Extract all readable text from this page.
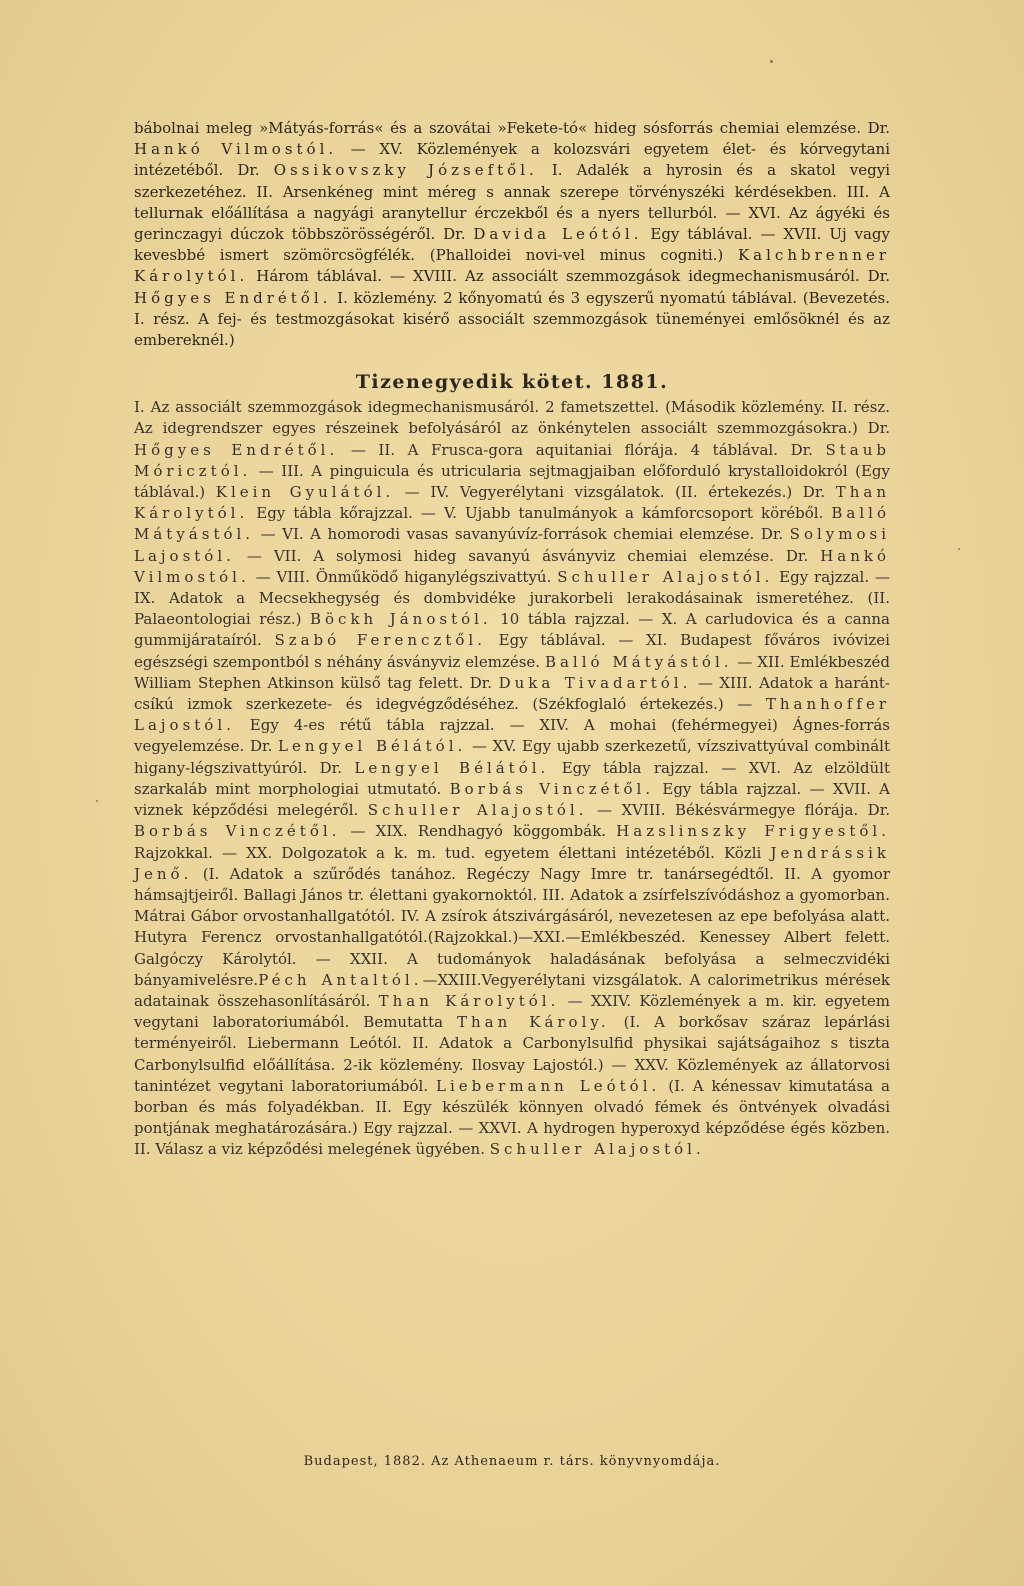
bábolnai meleg »Mátyás-forrás« és a szovátai »Fekete-tó« hideg sósforrás chemiai elemzése. Dr. Hankó Vilmostól. — XV. Közlemények a kolozsvári egyetem élet- és kórvegytani intézetéből. Dr. Ossikovszky Józseftől. I. Adalék a hyrosin és a skatol vegyi szerkezetéhez. II. Arsenkéneg mint méreg s annak szerepe törvényszéki kérdésekben. III. A tellurnak előállítása a nagyági aranytellur érczekből és a nyers tellurból. — XVI. Az ágyéki és gerinczagyi dúczok többszörösségéről. Dr. Davida Leótól. Egy táblával. — XVII. Uj vagy kevesbbé ismert szömörcsögfélék. (Phalloidei novi-vel minus cogniti.) Kalchbrenner Károlytól. Három táblával. — XVIII. Az associált szemmozgások idegmechanismusáról. Dr. Hőgyes Endrétől. I. közlemény. 2 kőnyomatú és 3 egyszerű nyomatú táblával. (Bevezetés. I. rész. A fej- és testmozgásokat kisérő associált szemmozgások tüneményei emlősöknél és az embereknél.)

Tizenegyedik kötet. 1881.

I. Az associált szemmozgások idegmechanismusáról. 2 fametszettel. (Második közlemény. II. rész. Az idegrendszer egyes részeinek befolyásáról az önkénytelen associált szemmozgásokra.) Dr. Hőgyes Endrétől. — II. A Frusca-gora aquitaniai flórája. 4 táblával. Dr. Staub Móricztól. — III. A pinguicula és utricularia sejtmagjaiban előforduló krystalloidokról (Egy táblával.) Klein Gyulától. — IV. Vegyerélytani vizsgálatok. (II. értekezés.) Dr. Than Károlytól. Egy tábla kőrajzzal. — V. Ujabb tanulmányok a kámforcsoport köréből. Balló Mátyástól. — VI. A homorodi vasas savanyúvíz-források chemiai elemzése. Dr. Solymosi Lajostól. — VII. A solymosi hideg savanyú ásványviz chemiai elemzése. Dr. Hankó Vilmostól. — VIII. Önműködő higanylégszivattyú. Schuller Alajostól. Egy rajzzal. — IX. Adatok a Mecsekhegység és dombvidéke jurakorbeli lerakodásainak ismeretéhez. (II. Palaeontologiai rész.) Böckh Jánostól. 10 tábla rajzzal. — X. A carludovica és a canna gummijárataíról. Szabó Ferencztől. Egy táblával. — XI. Budapest főváros ivóvizei egészségi szempontból s néhány ásványviz elemzése. Balló Mátyástól. — XII. Emlékbeszéd William Stephen Atkinson külső tag felett. Dr. Duka Tivadartól. — XIII. Adatok a haránt-csíkú izmok szerkezete- és idegvégződéséhez. (Székfoglaló értekezés.) — Thanhoffer Lajostól. Egy 4-es rétű tábla rajzzal. — XIV. A mohai (fehérmegyei) Ágnes-forrás vegyelemzése. Dr. Lengyel Bélától. — XV. Egy ujabb szerkezetű, vízszivattyúval combinált higany-légszivattyúról. Dr. Lengyel Bélától. Egy tábla rajzzal. — XVI. Az elzöldült szarkaláb mint morphologiai utmutató. Borbás Vinczétől. Egy tábla rajzzal. — XVII. A viznek képződési melegéről. Schuller Alajostól. — XVIII. Békésvármegye flórája. Dr. Borbás Vinczétől. — XIX. Rendhagyó köggombák. Hazslinszky Frigyestől. Rajzokkal. — XX. Dolgozatok a k. m. tud. egyetem élettani intézetéből. Közli Jendrássik Jenő. (I. Adatok a szűrődés tanához. Regéczy Nagy Imre tr. tanársegédtől. II. A gyomor hámsajtjeiről. Ballagi János tr. élettani gyakornoktól. III. Adatok a zsírfelszívódáshoz a gyomorban. Mátrai Gábor orvostanhallgatótól. IV. A zsírok átszivárgásáról, nevezetesen az epe befolyása alatt. Hutyra Ferencz orvostanhallgatótól.(Rajzokkal.)—XXI.—Emlékbeszéd. Kenessey Albert felett. Galgóczy Károlytól. — XXII. A tudományok haladásának befolyása a selmeczvidéki bányamivelésre.Péch Antaltól.—XXIII.Vegyerélytani vizsgálatok. A calorimetrikus mérések adatainak összehasonlításáról. Than Károlytól. — XXIV. Közlemények a m. kir. egyetem vegytani laboratoriumából. Bemutatta Than Károly. (I. A borkősav száraz lepárlási terményeiről. Liebermann Leótól. II. Adatok a Carbonylsulfid physikai sajátságaihoz s tiszta Carbonylsulfid előállítása. 2-ik közlemény. Ilosvay Lajostól.) — XXV. Közlemények az állatorvosi tanintézet vegytani laboratoriumából. Liebermann Leótól. (I. A kénessav kimutatása a borban és más folyadékban. II. Egy készülék könnyen olvadó fémek és öntvények olvadási pontjának meghatározására.) Egy rajzzal. — XXVI. A hydrogen hyperoxyd képződése égés közben. II. Válasz a viz képződési melegének ügyében. Schuller Alajostól.

Budapest, 1882. Az Athenaeum r. társ. könyvnyomdája.
